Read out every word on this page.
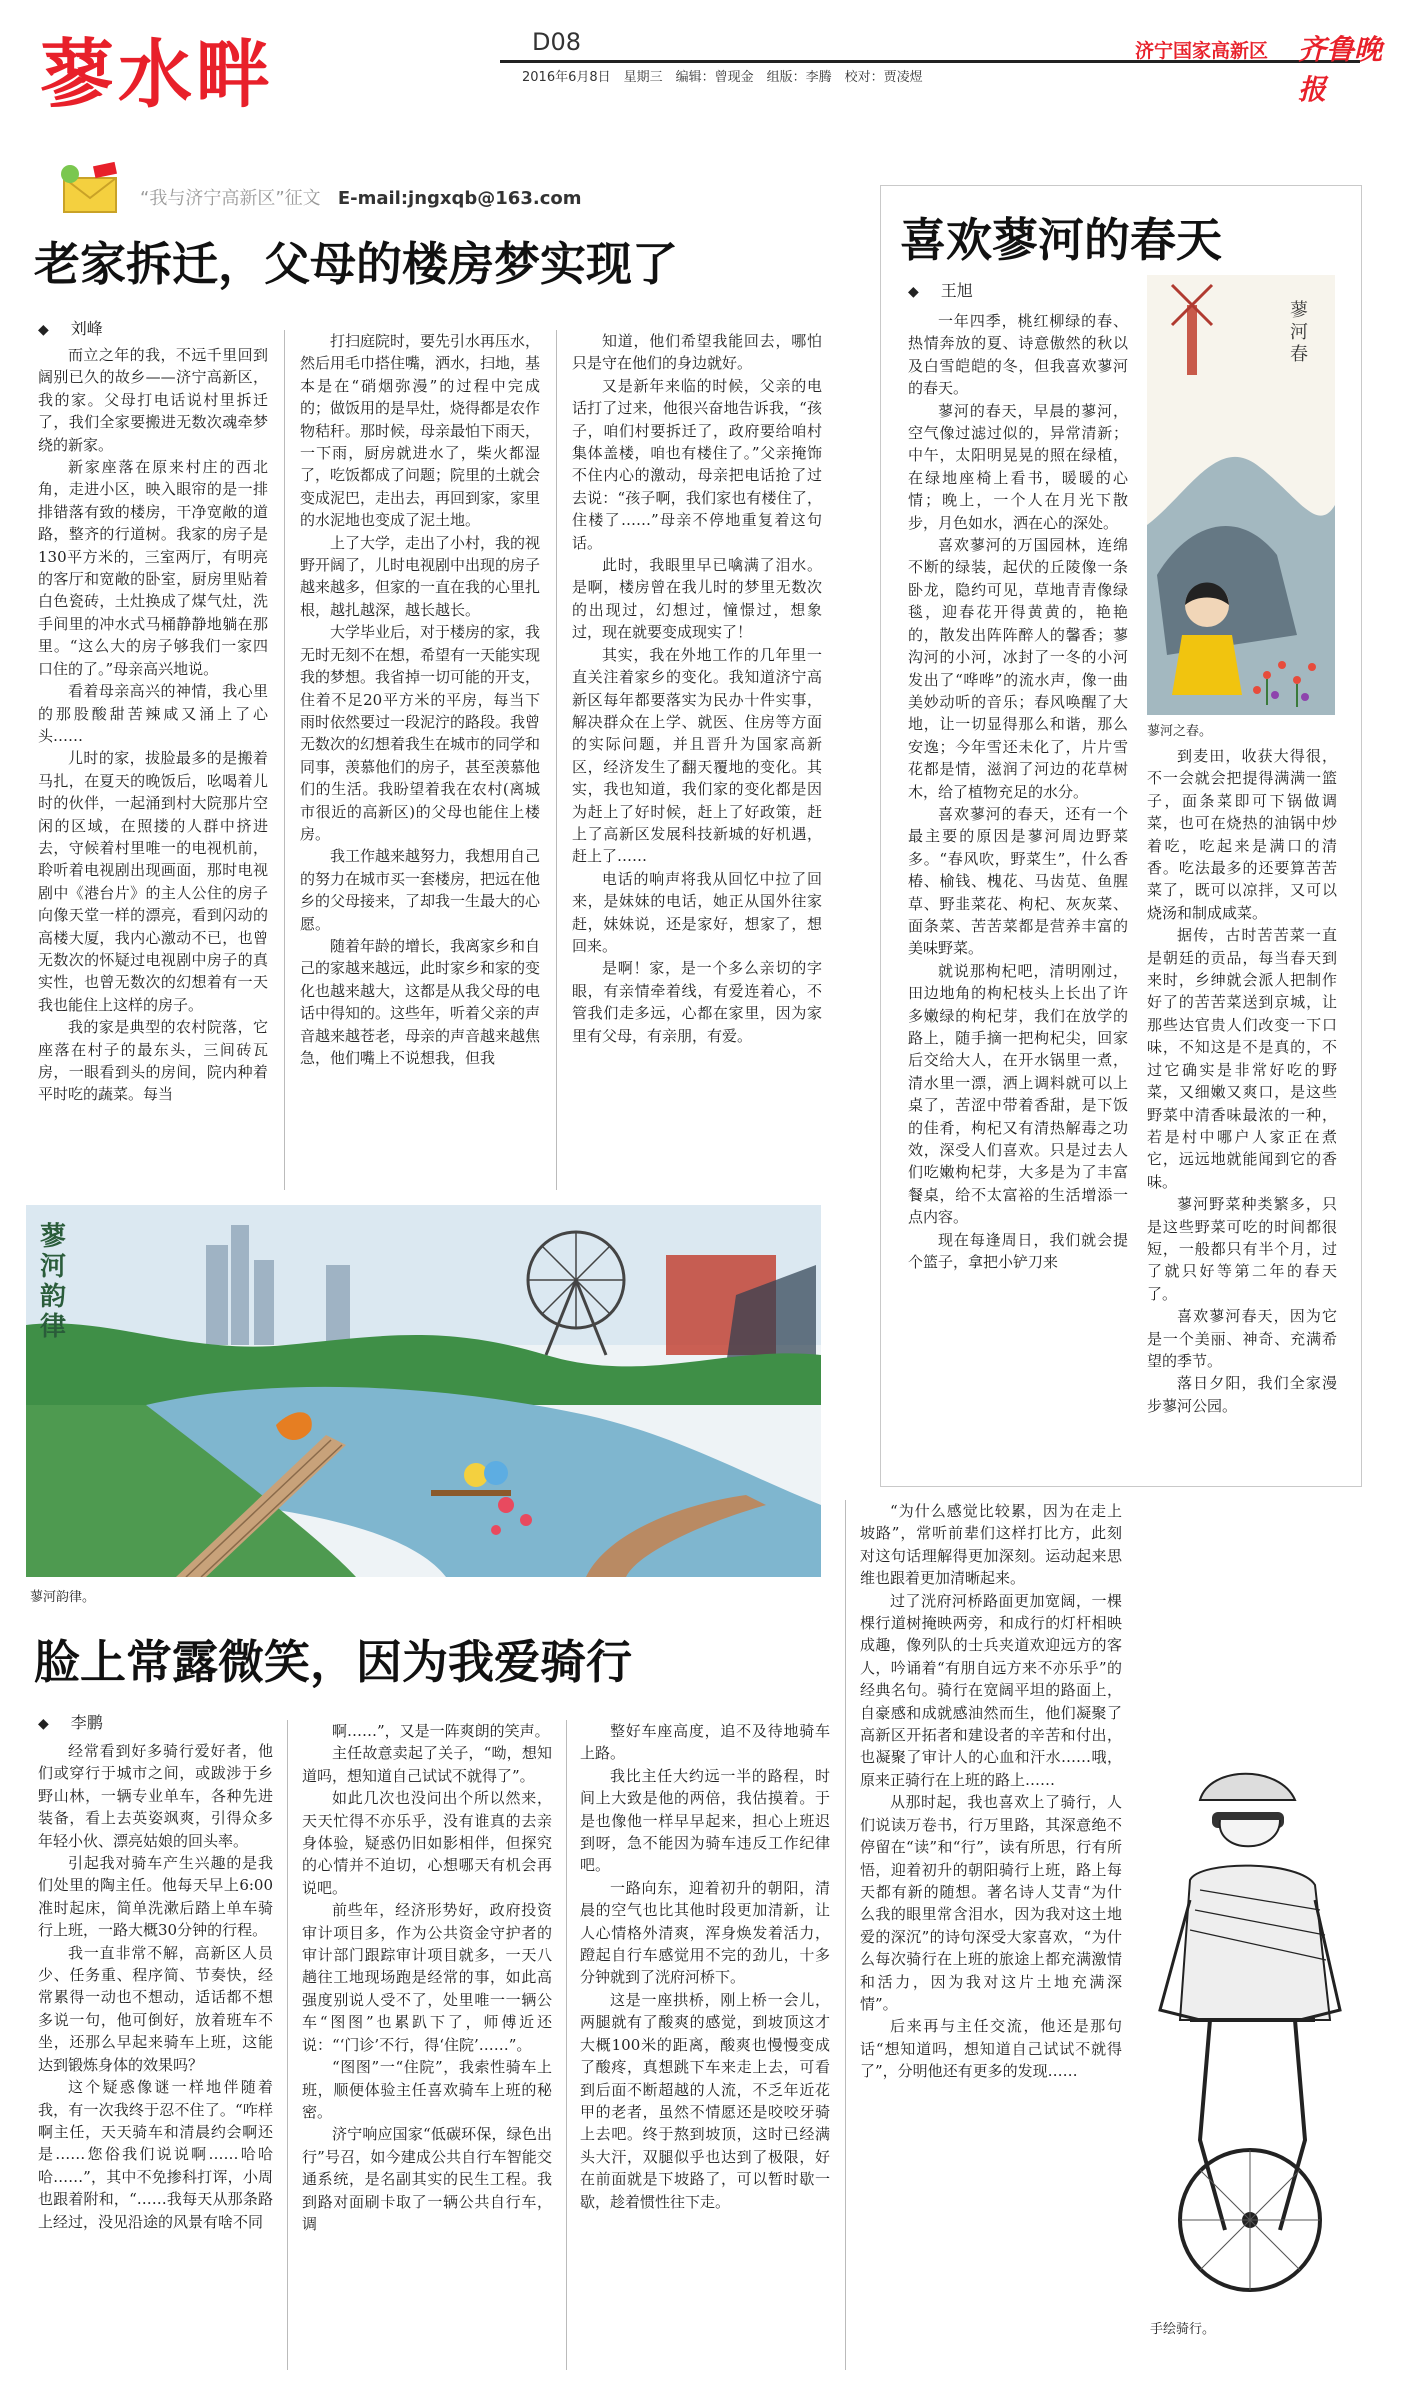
蓼水畔	D08
2016年6月8日　星期三　编辑：曾现金　组版：李腾　校对：贾凌煜
济宁国家高新区 齐鲁晚报
“我与济宁高新区”征文 E-mail:jngxqb@163.com
老家拆迁，父母的楼房梦实现了
◆ 刘峰

而立之年的我，不远千里回到阔别已久的故乡——济宁高新区，我的家。父母打电话说村里拆迁了，我们全家要搬进无数次魂牵梦绕的新家。

新家座落在原来村庄的西北角，走进小区，映入眼帘的是一排排错落有致的楼房，干净宽敞的道路，整齐的行道树。我家的房子是130平方米的，三室两厅，有明亮的客厅和宽敞的卧室，厨房里贴着白色瓷砖，土灶换成了煤气灶，洗手间里的冲水式马桶静静地躺在那里。“这么大的房子够我们一家四口住的了。”母亲高兴地说。

看着母亲高兴的神情，我心里的那股酸甜苦辣咸又涌上了心头……

儿时的家，拔脸最多的是搬着马扎，在夏天的晚饭后，吆喝着儿时的伙伴，一起涌到村大院那片空闲的区域，在照搂的人群中挤进去，守候着村里唯一的电视机前，聆听着电视剧出现画面，那时电视剧中《港台片》的主人公住的房子向像天堂一样的漂亮，看到闪动的高楼大厦，我内心激动不已，也曾无数次的怀疑过电视剧中房子的真实性，也曾无数次的幻想着有一天我也能住上这样的房子。

我的家是典型的农村院落，它座落在村子的最东头，三间砖瓦房，一眼看到头的房间，院内种着平时吃的蔬菜。每当

打扫庭院时，要先引水再压水，然后用毛巾搭住嘴，洒水，扫地，基本是在“硝烟弥漫”的过程中完成的；做饭用的是旱灶，烧得都是农作物秸秆。那时候，母亲最怕下雨天，一下雨，厨房就进水了，柴火都湿了，吃饭都成了问题；院里的土就会变成泥巴，走出去，再回到家，家里的水泥地也变成了泥土地。

上了大学，走出了小村，我的视野开阔了，儿时电视剧中出现的房子越来越多，但家的一直在我的心里扎根，越扎越深，越长越长。

大学毕业后，对于楼房的家，我无时无刻不在想，希望有一天能实现我的梦想。我省掉一切可能的开支，住着不足20平方米的平房，每当下雨时依然要过一段泥泞的路段。我曾无数次的幻想着我生在城市的同学和同事，羡慕他们的房子，甚至羡慕他们的生活。我盼望着我在农村(离城市很近的高新区)的父母也能住上楼房。

我工作越来越努力，我想用自己的努力在城市买一套楼房，把远在他乡的父母接来，了却我一生最大的心愿。

随着年龄的增长，我离家乡和自己的家越来越远，此时家乡和家的变化也越来越大，这都是从我父母的电话中得知的。这些年，听着父亲的声音越来越苍老，母亲的声音越来越焦急，他们嘴上不说想我，但我

知道，他们希望我能回去，哪怕只是守在他们的身边就好。

又是新年来临的时候，父亲的电话打了过来，他很兴奋地告诉我，“孩子，咱们村要拆迁了，政府要给咱村集体盖楼，咱也有楼住了。”父亲掩饰不住内心的激动，母亲把电话抢了过去说：“孩子啊，我们家也有楼住了，住楼了……”母亲不停地重复着这句话。

此时，我眼里早已噙满了泪水。是啊，楼房曾在我儿时的梦里无数次的出现过，幻想过，憧憬过，想象过，现在就要变成现实了！

其实，我在外地工作的几年里一直关注着家乡的变化。我知道济宁高新区每年都要落实为民办十件实事，解决群众在上学、就医、住房等方面的实际问题，并且晋升为国家高新区，经济发生了翻天覆地的变化。其实，我也知道，我们家的变化都是因为赶上了好时候，赶上了好政策，赶上了高新区发展科技新城的好机遇，赶上了……

电话的响声将我从回忆中拉了回来，是妹妹的电话，她正从国外往家赶，妹妹说，还是家好，想家了，想回来。

是啊！家，是一个多么亲切的字眼，有亲情牵着线，有爱连着心，不管我们走多远，心都在家里，因为家里有父母，有亲朋，有爱。

喜欢蓼河的春天
◆ 王旭

一年四季，桃红柳绿的春、热情奔放的夏、诗意傲然的秋以及白雪皑皑的冬，但我喜欢蓼河的春天。

蓼河的春天，早晨的蓼河，空气像过滤过似的，异常清新；中午，太阳明晃晃的照在绿植，在绿地座椅上看书，暖暖的心情；晚上，一个人在月光下散步，月色如水，洒在心的深处。

喜欢蓼河的万国园林，连绵不断的绿装，起伏的丘陵像一条卧龙，隐约可见，草地青青像绿毯，迎春花开得黄黄的，艳艳的，散发出阵阵醉人的馨香；蓼沟河的小河，冰封了一冬的小河发出了“哗哗”的流水声，像一曲美妙动听的音乐；春风唤醒了大地，让一切显得那么和谐，那么安逸；今年雪还未化了，片片雪花都是情，滋润了河边的花草树木，给了植物充足的水分。

喜欢蓼河的春天，还有一个最主要的原因是蓼河周边野菜多。“春风吹，野菜生”，什么香椿、榆钱、槐花、马齿苋、鱼腥草、野韭菜花、枸杞、灰灰菜、面条菜、苦苦菜都是营养丰富的美味野菜。

就说那枸杞吧，清明刚过，田边地角的枸杞枝头上长出了许多嫩绿的枸杞芽，我们在放学的路上，随手摘一把枸杞尖，回家后交给大人，在开水锅里一煮，清水里一漂，洒上调料就可以上桌了，苦涩中带着香甜，是下饭的佳肴，枸杞又有清热解毒之功效，深受人们喜欢。只是过去人们吃嫩枸杞芽，大多是为了丰富餐桌，给不太富裕的生活增添一点内容。

现在每逢周日，我们就会提个篮子，拿把小铲刀来

蓼河春
蓼河之春。

到麦田，收获大得很，不一会就会把提得满满一篮子，面条菜即可下锅做调菜，也可在烧热的油锅中炒着吃，吃起来是满口的清香。吃法最多的还要算苦苦菜了，既可以凉拌，又可以烧汤和制成咸菜。

据传，古时苦苦菜一直是朝廷的贡品，每当春天到来时，乡绅就会派人把制作好了的苦苦菜送到京城，让那些达官贵人们改变一下口味，不知这是不是真的，不过它确实是非常好吃的野菜，又细嫩又爽口，是这些野菜中清香味最浓的一种，若是村中哪户人家正在煮它，远远地就能闻到它的香味。

蓼河野菜种类繁多，只是这些野菜可吃的时间都很短，一般都只有半个月，过了就只好等第二年的春天了。

喜欢蓼河春天，因为它是一个美丽、神奇、充满希望的季节。

落日夕阳，我们全家漫步蓼河公园。

蓼河韵律
蓼河韵律。
脸上常露微笑，因为我爱骑行
◆ 李鹏

经常看到好多骑行爱好者，他们或穿行于城市之间，或跋涉于乡野山林，一辆专业单车，各种先进装备，看上去英姿飒爽，引得众多年轻小伙、漂亮姑娘的回头率。

引起我对骑车产生兴趣的是我们处里的陶主任。他每天早上6:00准时起床，简单洗漱后踏上单车骑行上班，一路大概30分钟的行程。

我一直非常不解，高新区人员少、任务重、程序简、节奏快，经常累得一动也不想动，适话都不想多说一句，他可倒好，放着班车不坐，还那么早起来骑车上班，这能达到锻炼身体的效果吗？

这个疑惑像谜一样地伴随着我，有一次我终于忍不住了。“咋样啊主任，天天骑车和清晨约会啊还是……您俗我们说说啊……哈哈哈……”，其中不免掺科打诨，小周也跟着附和，“……我每天从那条路上经过，没见沿途的风景有啥不同

啊……”，又是一阵爽朗的笑声。

主任故意卖起了关子，“呦，想知道吗，想知道自己试试不就得了”。

如此几次也没问出个所以然来，天天忙得不亦乐乎，没有谁真的去亲身体验，疑惑仍旧如影相伴，但探究的心情并不迫切，心想哪天有机会再说吧。

前些年，经济形势好，政府投资审计项目多，作为公共资金守护者的审计部门跟踪审计项目就多，一天八趟往工地现场跑是经常的事，如此高强度别说人受不了，处里唯一一辆公车“图图”也累趴下了，师傅近还说：“‘门诊’不行，得‘住院’……”。

“图图”一“住院”，我索性骑车上班，顺便体验主任喜欢骑车上班的秘密。

济宁响应国家“低碳环保，绿色出行”号召，如今建成公共自行车智能交通系统，是名副其实的民生工程。我到路对面刷卡取了一辆公共自行车，调

整好车座高度，追不及待地骑车上路。

我比主任大约远一半的路程，时间上大致是他的两倍，我估摸着。于是也像他一样早早起来，担心上班迟到呀，急不能因为骑车违反工作纪律吧。

一路向东，迎着初升的朝阳，清晨的空气也比其他时段更加清新，让人心情格外清爽，浑身焕发着活力，蹬起自行车感觉用不完的劲儿，十多分钟就到了洸府河桥下。

这是一座拱桥，刚上桥一会儿，两腿就有了酸爽的感觉，到坡顶这才大概100米的距离，酸爽也慢慢变成了酸疼，真想跳下车来走上去，可看到后面不断超越的人流，不乏年近花甲的老者，虽然不情愿还是咬咬牙骑上去吧。终于熬到坡顶，这时已经满头大汗，双腿似乎也达到了极限，好在前面就是下坡路了，可以暂时歇一歇，趁着惯性往下走。

“为什么感觉比较累，因为在走上坡路”，常听前辈们这样打比方，此刻对这句话理解得更加深刻。运动起来思维也跟着更加清晰起来。

过了洸府河桥路面更加宽阔，一棵棵行道树掩映两旁，和成行的灯杆相映成趣，像列队的士兵夹道欢迎远方的客人，吟诵着“有朋自远方来不亦乐乎”的经典名句。骑行在宽阔平坦的路面上，自豪感和成就感油然而生，他们凝聚了高新区开拓者和建设者的辛苦和付出，也凝聚了审计人的心血和汗水……哦，原来正骑行在上班的路上……

从那时起，我也喜欢上了骑行，人们说读万卷书，行万里路，其深意绝不停留在“读”和“行”，读有所思，行有所悟，迎着初升的朝阳骑行上班，路上每天都有新的随想。著名诗人艾青“为什么我的眼里常含泪水，因为我对这土地爱的深沉”的诗句深受大家喜欢，“为什么每次骑行在上班的旅途上都充满激情和活力，因为我对这片土地充满深情”。

后来再与主任交流，他还是那句话“想知道吗，想知道自己试试不就得了”，分明他还有更多的发现……

手绘骑行。
